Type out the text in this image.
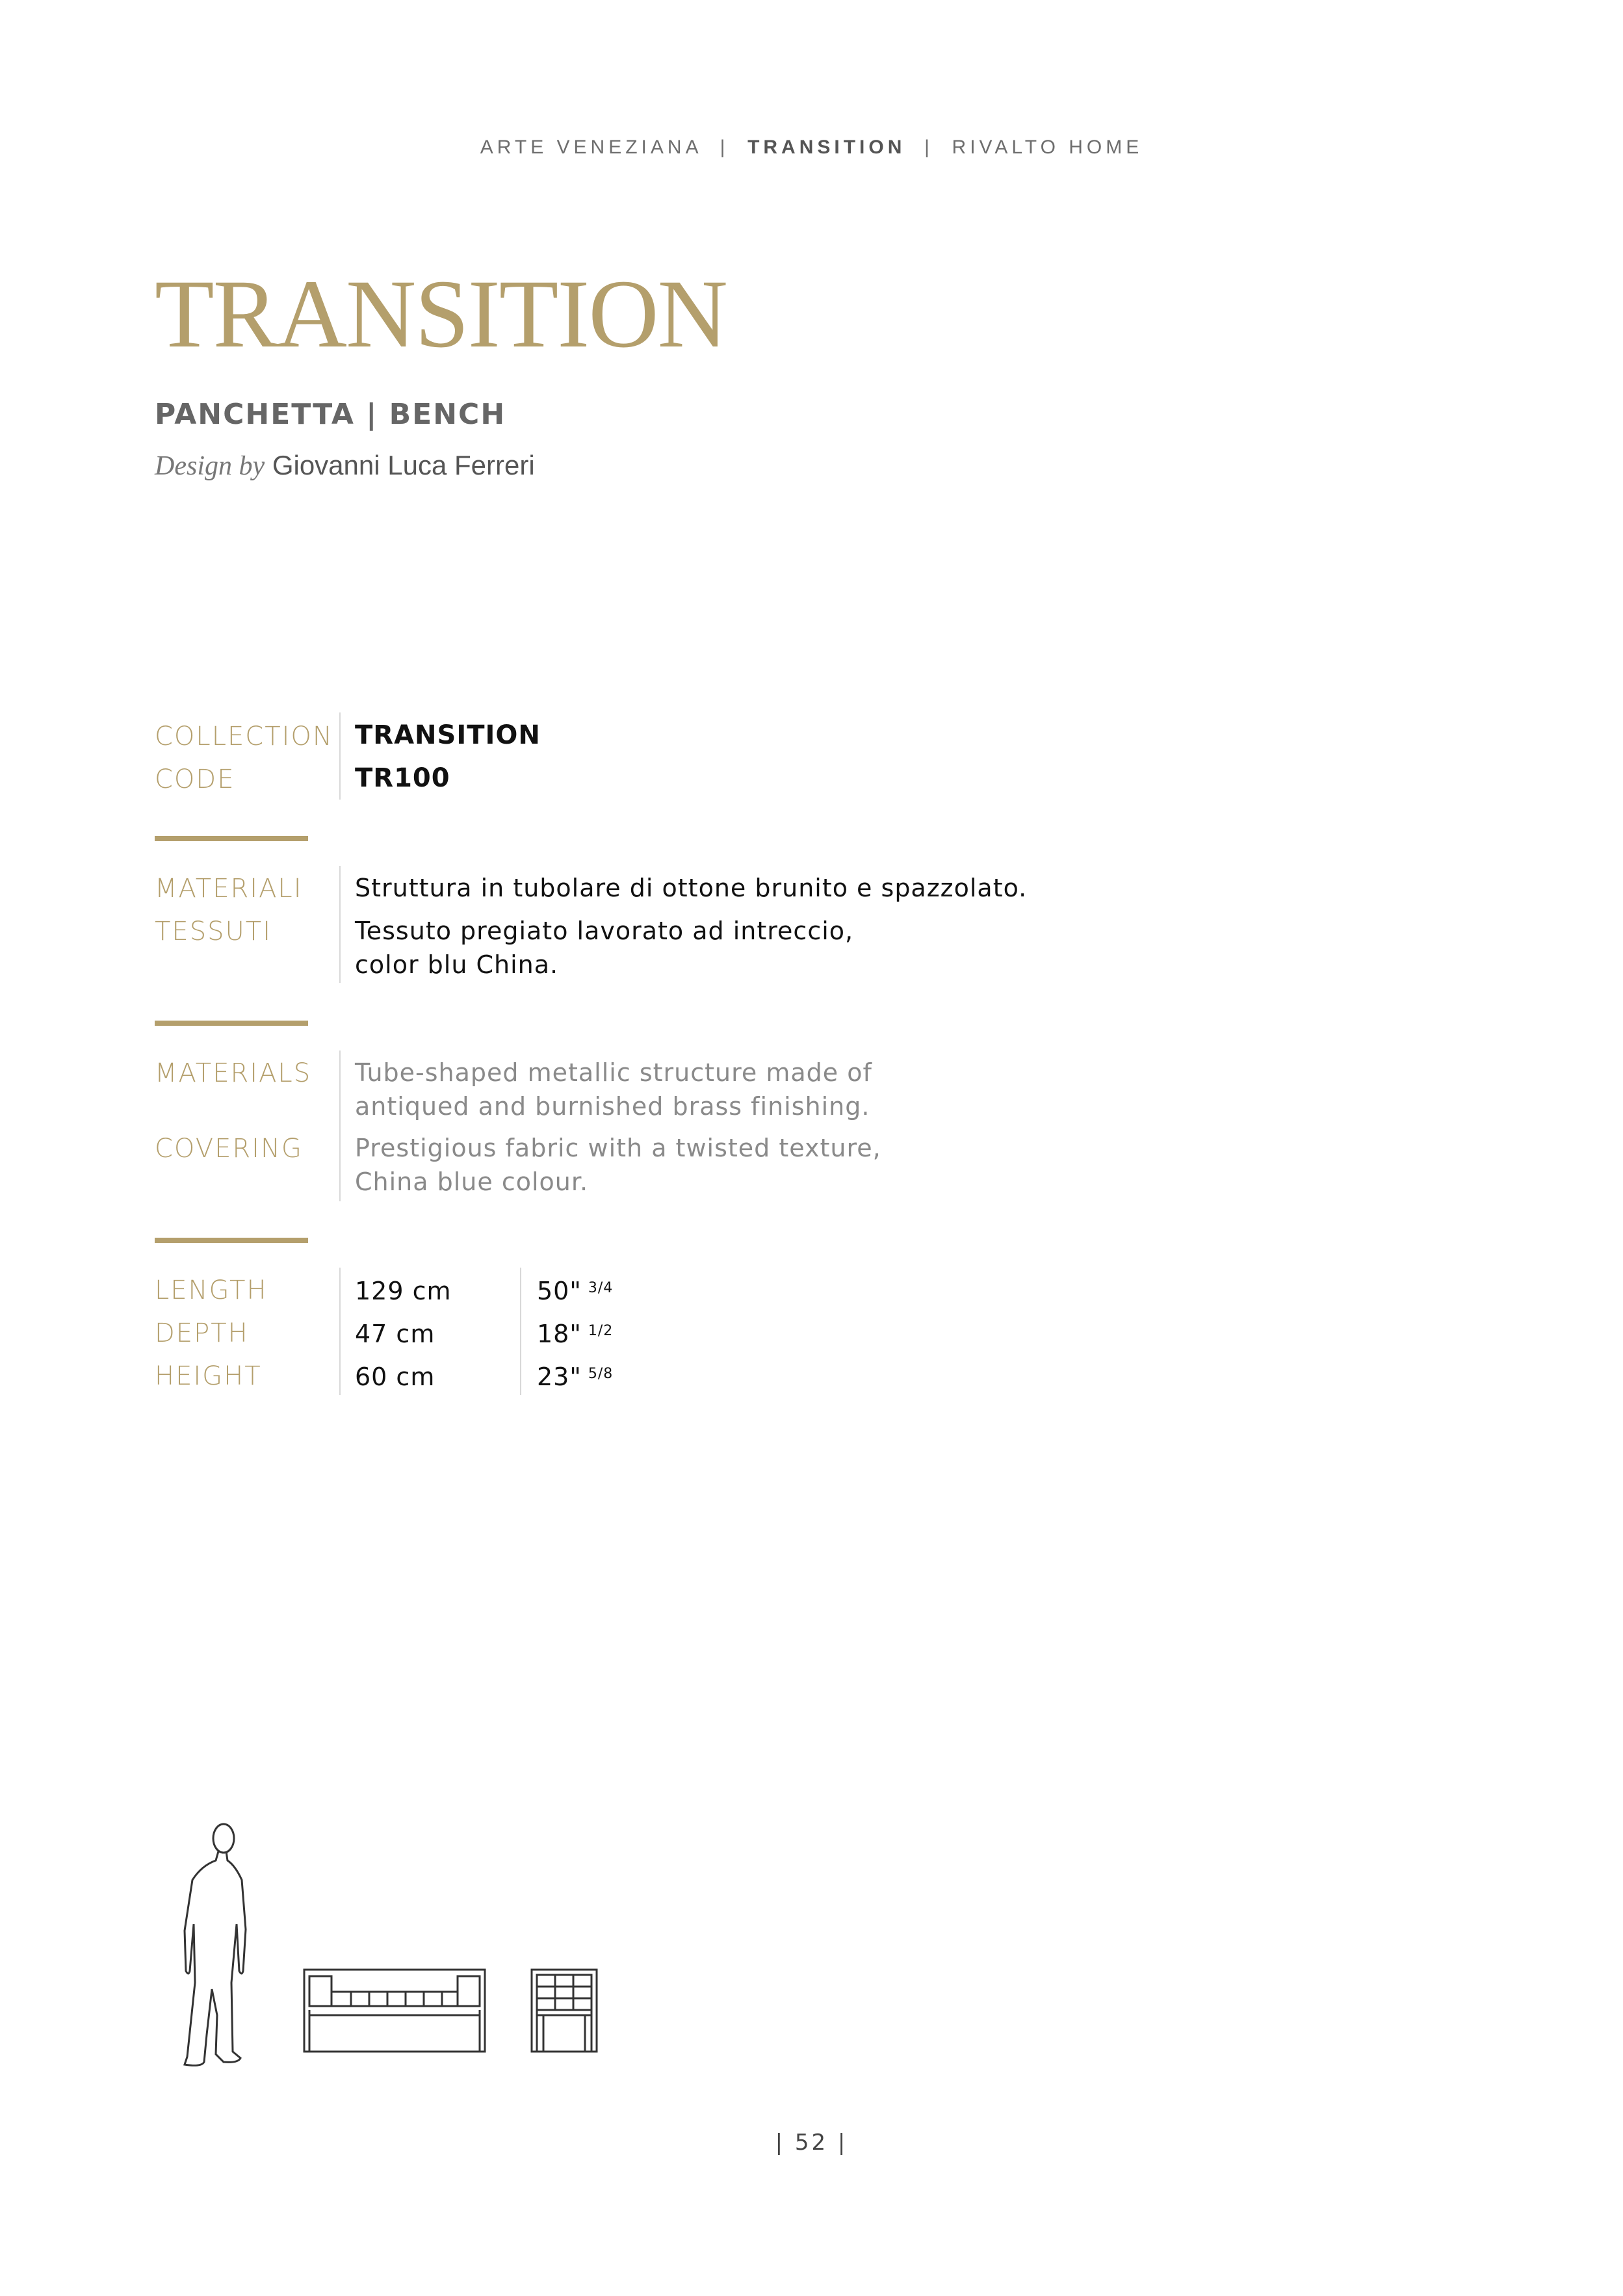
ARTE VENEZIANA | TRANSITION | RIVALTO HOME
TRANSITION
PANCHETTA | BENCH
Design by Giovanni Luca Ferreri
COLLECTION
CODE
TRANSITION
TR100
MATERIALI
TESSUTI
Struttura in tubolare di ottone brunito e spazzolato.
Tessuto pregiato lavorato ad intreccio,
color blu China.
MATERIALS
COVERING
Tube-shaped metallic structure made of
antiqued and burnished brass finishing.
Prestigious fabric with a twisted texture,
China blue colour.
LENGTH
DEPTH
HEIGHT
129 cm
47 cm
60 cm
50" $^{3/4}$
18" $^{1/2}$
23" $^{5/8}$
| 52 |
